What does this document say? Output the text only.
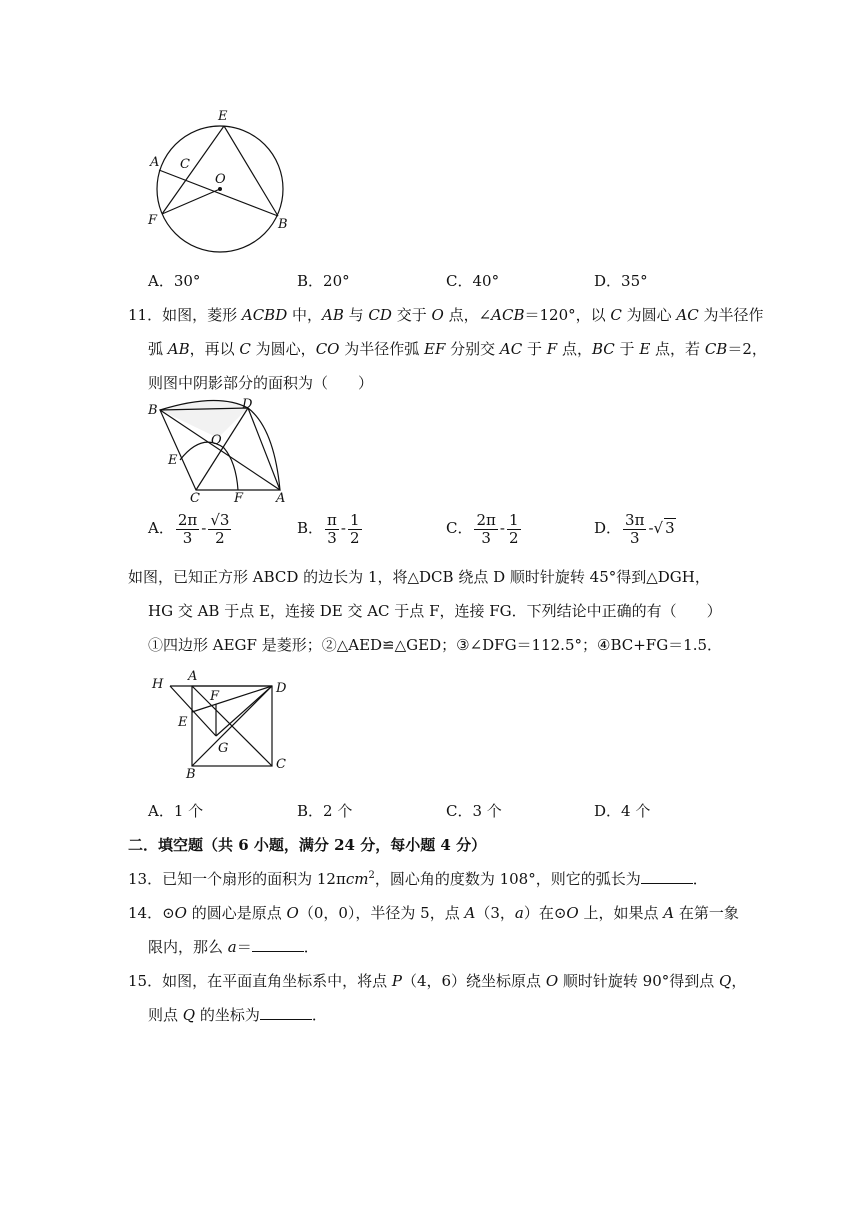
E
A C
O
F	B
A．30°	B．20°	C．40°	D．35°
11．如图，菱形 ACBD 中，AB 与 CD 交于 O 点，∠ACB＝120°，以 C 为圆心 AC 为半径作
弧 AB，再以 C 为圆心，CO 为半径作弧 EF 分别交 AC 于 F 点，BC 于 E 点，若 CB＝2，
则图中阴影部分的面积为（　　）
B	D
O
E
C	F	A
A． $\frac{2\pi}{3} - \frac{√3}{2}$	B． $\frac{\pi}{3} - \frac{1}{2}$	C． $\frac{2\pi}{3} - \frac{1}{2}$	D． $\frac{3\pi}{3}$ -√ 3
如图，已知正方形 ABCD 的边长为 1，将△DCB 绕点 D 顺时针旋转 45°得到△DGH，
HG 交 AB 于点 E，连接 DE 交 AC 于点 F，连接 FG．下列结论中正确的有（　　）
①四边形 AEGF 是菱形；②△AED≌△GED；③∠DFG＝112.5°；④BC+FG＝1.5．
H
A
D
F
E
G
B
C
A．1 个	B．2 个	C．3 个	D．4 个
二．填空题（共 6 小题，满分 24 分，每小题 4 分）
13．已知一个扇形的面积为 12πcm$^2$，圆心角的度数为 108°，则它的弧长为	．
14．⊙O 的圆心是原点 O（0，0），半径为 5，点 A（3，a）在⊙O 上，如果点 A 在第一象
限内，那么 a＝	．
15．如图，在平面直角坐标系中，将点 P（4，6）绕坐标原点 O 顺时针旋转 90°得到点 Q，
则点 Q 的坐标为	．
